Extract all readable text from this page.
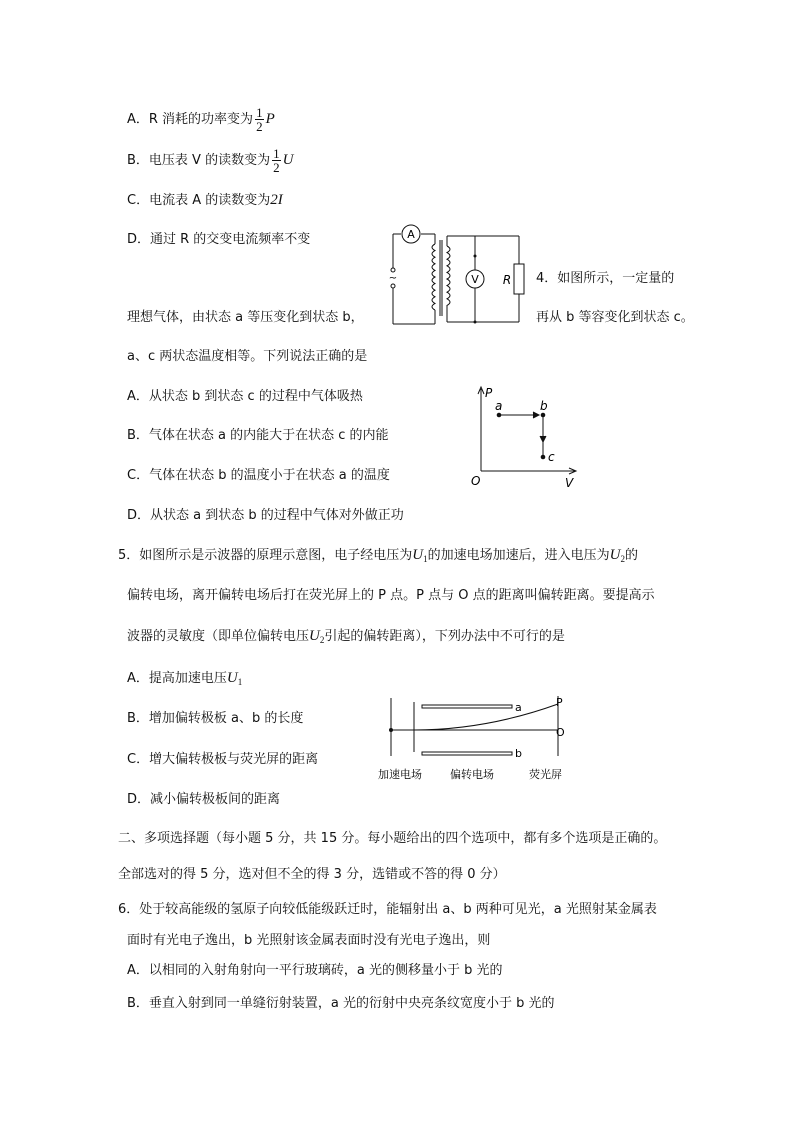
A．R 消耗的功率变为 $\frac{1}{2}$ P
B．电压表 V 的读数变为 $\frac{1}{2}$ U
C．电流表 A 的读数变为2I
D．通过 R 的交变电流频率不变	A
V R
~	4．如图所示，一定量的
理想气体，由状态 a 等压变化到状态 b，	再从 b 等容变化到状态 c。
a、c 两状态温度相等。下列说法正确的是
A．从状态 b 到状态 c 的过程中气体吸热
B．气体在状态 a 的内能大于在状态 c 的内能
C．气体在状态 b 的温度小于在状态 a 的温度
D．从状态 a 到状态 b 的过程中气体对外做正功
P
V
O
a	b
c
5．如图所示是示波器的原理示意图，电子经电压为$U_1$的加速电场加速后，进入电压为$U_2$的
偏转电场，离开偏转电场后打在荧光屏上的 P 点。P 点与 O 点的距离叫偏转距离。要提高示
波器的灵敏度（即单位偏转电压$U_2$引起的偏转距离），下列办法中不可行的是
A．提高加速电压$U_1$
B．增加偏转极板 a、b 的长度
C．增大偏转极板与荧光屏的距离
D．减小偏转极板间的距离
a
b
P
O
加速电场	偏转电场	荧光屏
二、多项选择题（每小题 5 分，共 15 分。每小题给出的四个选项中，都有多个选项是正确的。
全部选对的得 5 分，选对但不全的得 3 分，选错或不答的得 0 分）
6．处于较高能级的氢原子向较低能级跃迁时，能辐射出 a、b 两种可见光，a 光照射某金属表
面时有光电子逸出，b 光照射该金属表面时没有光电子逸出，则
A．以相同的入射角射向一平行玻璃砖，a 光的侧移量小于 b 光的
B．垂直入射到同一单缝衍射装置，a 光的衍射中央亮条纹宽度小于 b 光的
